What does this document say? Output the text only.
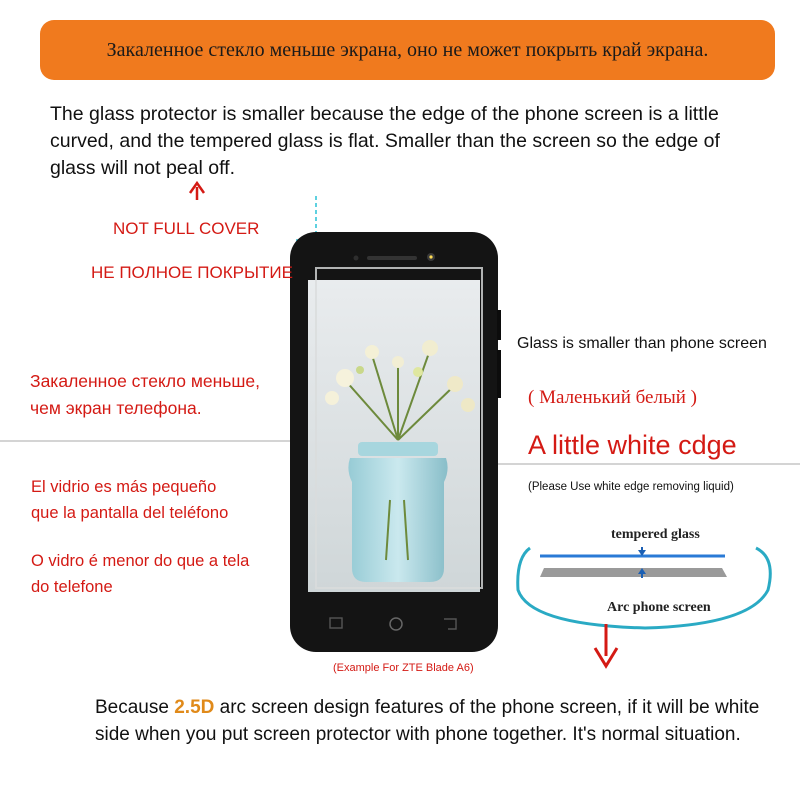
Закаленное стекло меньше экрана, оно не может покрыть край экрана.
The glass protector is smaller because the edge of the phone screen is a little curved, and the tempered glass is flat. Smaller than the screen so the edge of glass will not peal off.
NOT FULL COVER
НЕ ПОЛНОЕ ПОКРЫТИЕ
Закаленное стекло меньше,
чем экран телефона.
El vidrio es más pequeño
que la pantalla del teléfono
O vidro é menor do que a tela
do telefone
Glass is smaller than phone screen
( Маленький белый )
A little white cdge
(Please Use white edge removing liquid)
tempered glass
Arc phone screen
(Example For ZTE Blade A6)
Because 2.5D arc screen design features of the phone screen, if it will be white side when you put screen protector with phone together. It's normal situation.
